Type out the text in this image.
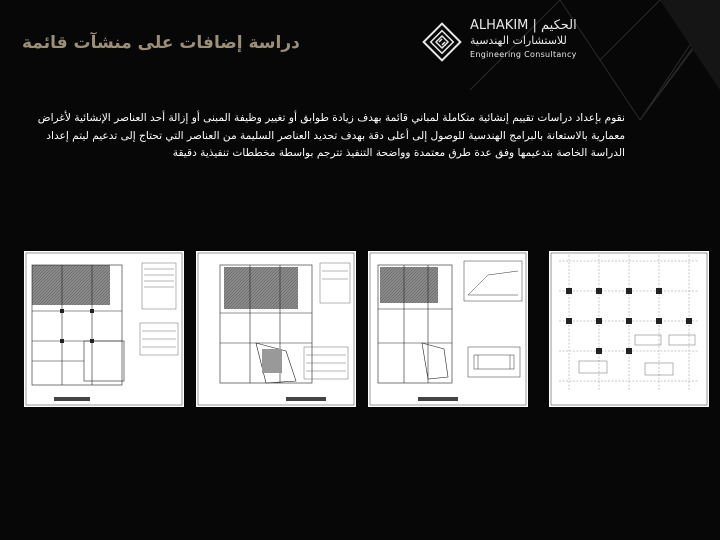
دراسة إضافات على منشآت قائمة
ALHAKIM | الحكيم
للاستشارات الهندسية
Engineering Consultancy
نقوم بإعداد دراسات تقييم إنشائية متكاملة لمباني قائمة بهدف زيادة طوابق أو تغيير وظيفة المبنى أو إزالة أحد العناصر الإنشائية لأغراض معمارية بالاستعانة بالبرامج الهندسية للوصول إلى أعلى دقة بهدف تحديد العناصر السليمة من العناصر التي تحتاج إلى تدعيم ليتم إعداد الدراسة الخاصة بتدعيمها وفق عدة طرق معتمدة وواضحة التنفيذ تترجم بواسطة مخططات تنفيذية دقيقة
